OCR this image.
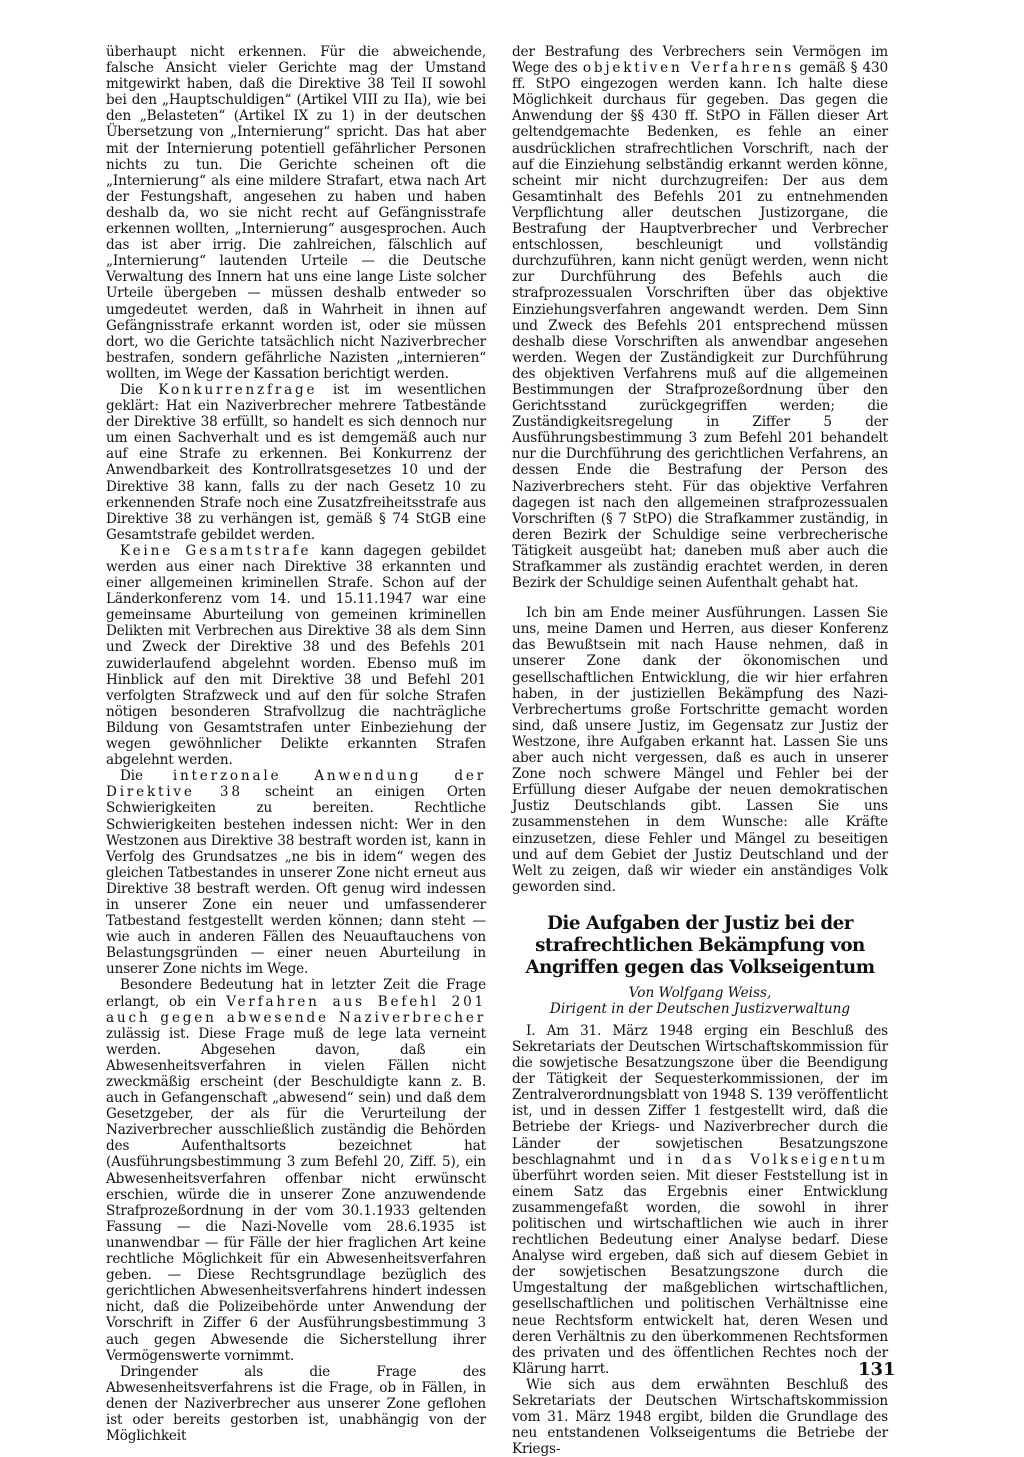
überhaupt nicht erkennen. Für die abweichende, falsche Ansicht vieler Gerichte mag der Umstand mitgewirkt haben, daß die Direktive 38 Teil II sowohl bei den „Hauptschuldigen“ (Artikel VIII zu IIa), wie bei den „Belasteten“ (Artikel IX zu 1) in der deutschen Übersetzung von „Internierung“ spricht. Das hat aber mit der Internierung potentiell gefährlicher Personen nichts zu tun. Die Gerichte scheinen oft die „Internierung“ als eine mildere Strafart, etwa nach Art der Festungshaft, angesehen zu haben und haben deshalb da, wo sie nicht recht auf Gefängnisstrafe erkennen wollten, „Internierung“ ausgesprochen. Auch das ist aber irrig. Die zahlreichen, fälschlich auf „Internierung“ lautenden Urteile — die Deutsche Verwaltung des Innern hat uns eine lange Liste solcher Urteile übergeben — müssen deshalb entweder so umgedeutet werden, daß in Wahrheit in ihnen auf Gefängnisstrafe erkannt worden ist, oder sie müssen dort, wo die Gerichte tatsächlich nicht Naziverbrecher bestrafen, sondern gefährliche Nazisten „internieren“ wollten, im Wege der Kassation berichtigt werden.

Die Konkurrenzfrage ist im wesentlichen geklärt: Hat ein Naziverbrecher mehrere Tatbestände der Direktive 38 erfüllt, so handelt es sich dennoch nur um einen Sachverhalt und es ist demgemäß auch nur auf eine Strafe zu erkennen. Bei Konkurrenz der Anwendbarkeit des Kontrollratsgesetzes 10 und der Direktive 38 kann, falls zu der nach Gesetz 10 zu erkennenden Strafe noch eine Zusatzfreiheitsstrafe aus Direktive 38 zu verhängen ist, gemäß § 74 StGB eine Gesamtstrafe gebildet werden.

Keine Gesamtstrafe kann dagegen gebildet werden aus einer nach Direktive 38 erkannten und einer allgemeinen kriminellen Strafe. Schon auf der Länderkonferenz vom 14. und 15.11.1947 war eine gemeinsame Aburteilung von gemeinen kriminellen Delikten mit Verbrechen aus Direktive 38 als dem Sinn und Zweck der Direktive 38 und des Befehls 201 zuwiderlaufend abgelehnt worden. Ebenso muß im Hinblick auf den mit Direktive 38 und Befehl 201 verfolgten Strafzweck und auf den für solche Strafen nötigen besonderen Strafvollzug die nachträgliche Bildung von Gesamtstrafen unter Einbeziehung der wegen gewöhnlicher Delikte erkannten Strafen abgelehnt werden.

Die interzonale Anwendung der Direktive 38 scheint an einigen Orten Schwierigkeiten zu bereiten. Rechtliche Schwierigkeiten bestehen indessen nicht: Wer in den Westzonen aus Direktive 38 bestraft worden ist, kann in Verfolg des Grundsatzes „ne bis in idem“ wegen des gleichen Tatbestandes in unserer Zone nicht erneut aus Direktive 38 bestraft werden. Oft genug wird indessen in unserer Zone ein neuer und umfassenderer Tatbestand festgestellt werden können; dann steht — wie auch in anderen Fällen des Neuauftauchens von Belastungsgründen — einer neuen Aburteilung in unserer Zone nichts im Wege.

Besondere Bedeutung hat in letzter Zeit die Frage erlangt, ob ein Verfahren aus Befehl 201 auch gegen abwesende Naziverbrecher zulässig ist. Diese Frage muß de lege lata verneint werden. Abgesehen davon, daß ein Abwesenheitsverfahren in vielen Fällen nicht zweckmäßig erscheint (der Beschuldigte kann z. B. auch in Gefangenschaft „abwesend“ sein) und daß dem Gesetzgeber, der als für die Verurteilung der Naziverbrecher ausschließlich zuständig die Behörden des Aufenthaltsorts bezeichnet hat (Ausführungsbestimmung 3 zum Befehl 20, Ziff. 5), ein Abwesenheitsverfahren offenbar nicht erwünscht erschien, würde die in unserer Zone anzuwendende Strafprozeßordnung in der vom 30.1.1933 geltenden Fassung — die Nazi-Novelle vom 28.6.1935 ist unanwendbar — für Fälle der hier fraglichen Art keine rechtliche Möglichkeit für ein Abwesenheitsverfahren geben. — Diese Rechtsgrundlage bezüglich des gerichtlichen Abwesenheitsverfahrens hindert indessen nicht, daß die Polizeibehörde unter Anwendung der Vorschrift in Ziffer 6 der Ausführungsbestimmung 3 auch gegen Abwesende die Sicherstellung ihrer Vermögenswerte vornimmt.

Dringender als die Frage des Abwesenheitsverfahrens ist die Frage, ob in Fällen, in denen der Naziverbrecher aus unserer Zone geflohen ist oder bereits gestorben ist, unabhängig von der Möglichkeit

der Bestrafung des Verbrechers sein Vermögen im Wege des objektiven Verfahrens gemäß § 430 ff. StPO eingezogen werden kann. Ich halte diese Möglichkeit durchaus für gegeben. Das gegen die Anwendung der §§ 430 ff. StPO in Fällen dieser Art geltendgemachte Bedenken, es fehle an einer ausdrücklichen strafrechtlichen Vorschrift, nach der auf die Einziehung selbständig erkannt werden könne, scheint mir nicht durchzugreifen: Der aus dem Gesamtinhalt des Befehls 201 zu entnehmenden Verpflichtung aller deutschen Justizorgane, die Bestrafung der Hauptverbrecher und Verbrecher entschlossen, beschleunigt und vollständig durchzuführen, kann nicht genügt werden, wenn nicht zur Durchführung des Befehls auch die strafprozessualen Vorschriften über das objektive Einziehungsverfahren angewandt werden. Dem Sinn und Zweck des Befehls 201 entsprechend müssen deshalb diese Vorschriften als anwendbar angesehen werden. Wegen der Zuständigkeit zur Durchführung des objektiven Verfahrens muß auf die allgemeinen Bestimmungen der Strafprozeßordnung über den Gerichtsstand zurückgegriffen werden; die Zuständigkeitsregelung in Ziffer 5 der Ausführungsbestimmung 3 zum Befehl 201 behandelt nur die Durchführung des gerichtlichen Verfahrens, an dessen Ende die Bestrafung der Person des Naziverbrechers steht. Für das objektive Verfahren dagegen ist nach den allgemeinen strafprozessualen Vorschriften (§ 7 StPO) die Strafkammer zuständig, in deren Bezirk der Schuldige seine verbrecherische Tätigkeit ausgeübt hat; daneben muß aber auch die Strafkammer als zuständig erachtet werden, in deren Bezirk der Schuldige seinen Aufenthalt gehabt hat.

Ich bin am Ende meiner Ausführungen. Lassen Sie uns, meine Damen und Herren, aus dieser Konferenz das Bewußtsein mit nach Hause nehmen, daß in unserer Zone dank der ökonomischen und gesellschaftlichen Entwicklung, die wir hier erfahren haben, in der justiziellen Bekämpfung des Nazi-Verbrechertums große Fortschritte gemacht worden sind, daß unsere Justiz, im Gegensatz zur Justiz der Westzone, ihre Aufgaben erkannt hat. Lassen Sie uns aber auch nicht vergessen, daß es auch in unserer Zone noch schwere Mängel und Fehler bei der Erfüllung dieser Aufgabe der neuen demokratischen Justiz Deutschlands gibt. Lassen Sie uns zusammenstehen in dem Wunsche: alle Kräfte einzusetzen, diese Fehler und Mängel zu beseitigen und auf dem Gebiet der Justiz Deutschland und der Welt zu zeigen, daß wir wieder ein anständiges Volk geworden sind.

Die Aufgaben der Justiz bei der strafrechtlichen Bekämpfung von Angriffen gegen das Volkseigentum

Von Wolfgang Weiss,

Dirigent in der Deutschen Justizverwaltung

I. Am 31. März 1948 erging ein Beschluß des Sekretariats der Deutschen Wirtschaftskommission für die sowjetische Besatzungszone über die Beendigung der Tätigkeit der Sequesterkommissionen, der im Zentralverordnungsblatt von 1948 S. 139 veröffentlicht ist, und in dessen Ziffer 1 festgestellt wird, daß die Betriebe der Kriegs- und Naziverbrecher durch die Länder der sowjetischen Besatzungszone beschlagnahmt und in das Volkseigentum überführt worden seien. Mit dieser Feststellung ist in einem Satz das Ergebnis einer Entwicklung zusammengefaßt worden, die sowohl in ihrer politischen und wirtschaftlichen wie auch in ihrer rechtlichen Bedeutung einer Analyse bedarf. Diese Analyse wird ergeben, daß sich auf diesem Gebiet in der sowjetischen Besatzungszone durch die Umgestaltung der maßgeblichen wirtschaftlichen, gesellschaftlichen und politischen Verhältnisse eine neue Rechtsform entwickelt hat, deren Wesen und deren Verhältnis zu den überkommenen Rechtsformen des privaten und des öffentlichen Rechtes noch der Klärung harrt.

Wie sich aus dem erwähnten Beschluß des Sekretariats der Deutschen Wirtschaftskommission vom 31. März 1948 ergibt, bilden die Grundlage des neu entstandenen Volkseigentums die Betriebe der Kriegs-

131
